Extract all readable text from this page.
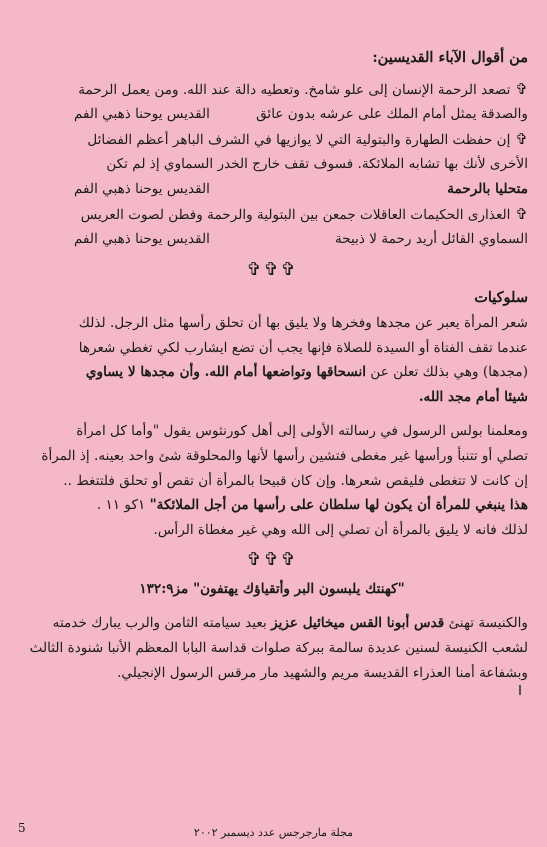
من أقوال الآباء القديسين:

✞تصعد الرحمة الإنسان إلى علو شامخ. وتعطيه دالة عند الله. ومن يعمل الرحمة

والصدقة يمثل أمام الملك على عرشه بدون عائق
القديس يوحنا ذهبي الفم

✞إن حفظت الطهارة والبتولية التي لا يوازيها في الشرف الباهر أعظم الفضائل

الأخرى لأنك بها تشابه الملائكة. فسوف تقف خارج الخدر السماوي إذ لم تكن

متحليا بالرحمة
القديس يوحنا ذهبي الفم

✞العذارى الحكيمات العاقلات جمعن بين البتولية والرحمة وفطن لصوت العريس

السماوي القائل أريد رحمة لا ذبيحة
القديس يوحنا ذهبي الفم

✞✞✞

سلوكيات

شعر المرأة يعبر عن مجدها وفخرها ولا يليق بها أن تحلق رأسها مثل الرجل. لذلك

عندما تقف الفتاة أو السيدة للصلاة فإنها يجب أن تضع ايشارب لكي تغطي شعرها

(مجدها) وهي بذلك تعلن عن انسحاقها وتواضعها أمام الله. وأن مجدها لا يساوي

شيئا أمام مجد الله.

ومعلمنا بولس الرسول في رسالته الأولى إلى أهل كورنثوس يقول "وأما كل امرأة

تصلي أو تتنبأ ورأسها غير مغطى فتشين رأسها لأنها والمحلوقة شئ واحد بعينه. إذ المرأة

إن كانت لا تتغطى فليقص شعرها. وإن كان قبيحا بالمرأة أن تقص أو تحلق فلتتغط ..

هذا ينبغي للمرأة أن يكون لها سلطان على رأسها من أجل الملائكة" ١كو ١١ .

لذلك فانه لا يليق بالمرأة أن تصلي إلى الله وهي غير مغطاة الرأس.

✞✞✞

"كهنتك يلبسون البر وأتقياؤك يهتفون" مز١٣٢:٩

والكنيسة تهنئ قدس أبونا القس ميخائيل عزيز بعيد سيامته الثامن والرب يبارك خدمته

لشعب الكنيسة لسنين عديدة سالمة ببركة صلوات قداسة البابا المعظم الأنبا شنودة الثالث

وبشفاعة أمنا العذراء القديسة مريم والشهيد مار مرقس الرسول الإنجيلي.

مجلة مارجرجس عدد ديسمبر ٢٠٠٢
5
